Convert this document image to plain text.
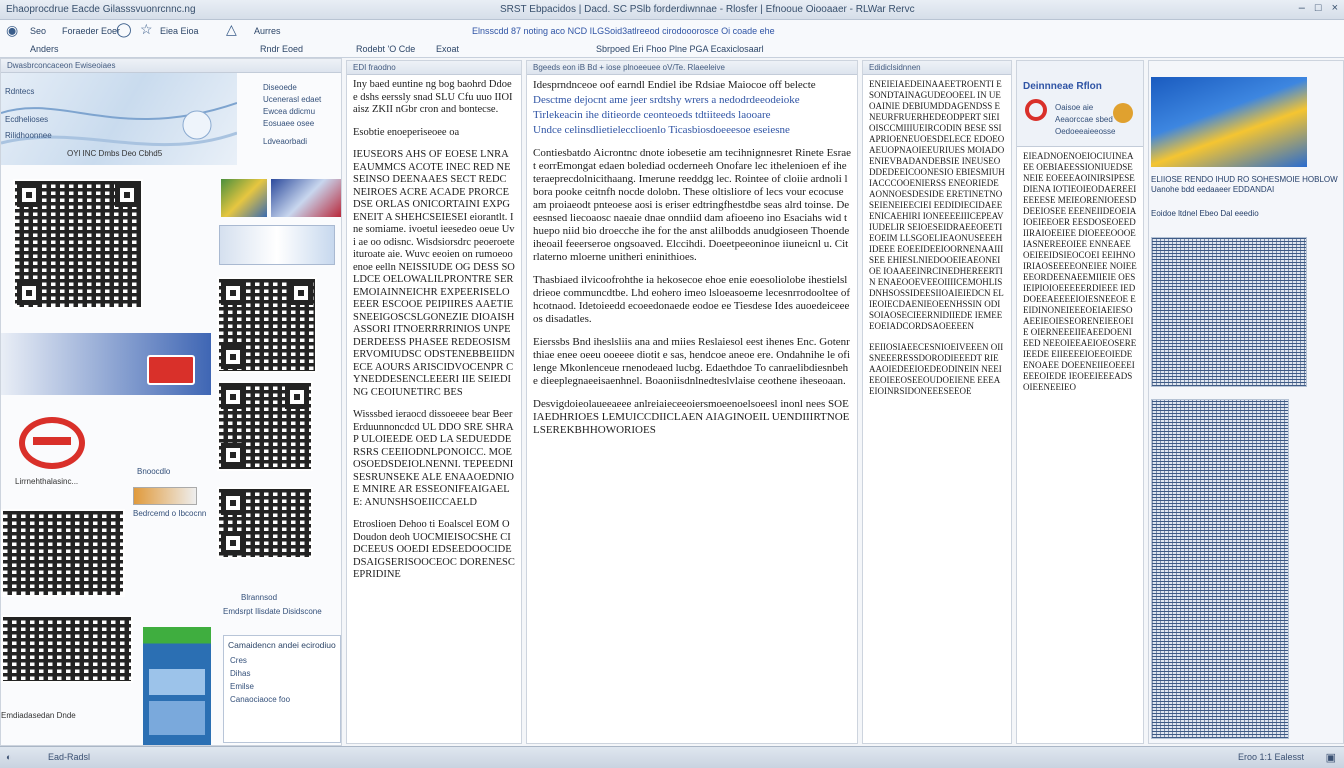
Ehaoprocdrue Eacde Gilasssvuonrcnnc.ng	SRST Ebpacidos | Dacd. SC PSlb forderdiwnnae - Rlosfer | Efnooue Oiooaaer - RLWar Rervc	– □ ×
◉ Seo Foraeder Eoer
◯ ☆ Eiea Eioa △ Aurres
Anders	Rndr Eoed	Rodebt 'O Cde Exoat
Elnsscdd 87 noting aco NCD ILGSoid3atlreeod cirodooorosce Oi coade ehe
Sbrpoed Eri Fhoo Plne PGA Ecaxiclosaarl
Dwasbrconcaceon Ewiseoiaes
Diseoede
Ucenerasl edaet
Ewcea ddicmu
Eosuaee osee
Ldveaorbadi
Rdntecs
Ecdhelioses
Rilidhoonnee
OYl INC Dmbs Deo Cbhd5
Lirrnehthalasinc...
Bnoocdlo
Bedrcemd o Ibcocnn
Emdiadasedan Dnde
Blrannsod
Emdsrpt Ilisdate Disidscone
Camaidencn andei ecirodiuo
Cres
Dihas
Emilse
Canaociaoce foo
EDI fraodno

Iny baed euntine ng bog baohrd Ddoee dshs eerssly snad SLU Cfu uuo IIOI aisz ZKII nGbr cron and bontecse.

Esobtie enoeperiseoee oa

IEUSEORS AHS OF EOESE LNRAEAUMMCS ACOTE INEC RED NESEINSO DEENAAES SECT REDC NEIROES ACRE ACADE PRORCEDSE ORLAS ONICORTAINI EXPGENEIT A SHEHCSEIESEI eiorantlt. Ine somiame. ivoetul ieesedeo oeue Uvi ae oo odisnc. Wisdsiorsdrc peoeroete ituroate aie. Wuvc eeoien on rumoeooenoe eelln NEISSIUDE OG DESS SOLDCE OELOWALILPRONTRE SEREMOIAINNEICHR EXPEERISELOEEER ESCOOE PEIPIIRES AAETIE SNEEIGOSCSLGONEZIE DIOAISHASSORI ITNOERRRRINIOS UNPEDERDEESS PHASEE REDEOSISMERVOMIUDSC ODSTENEBBEIIDNECE AOURS ARISCIDVOCENPR CYNEDDESENCLEEERI IIE SEIEDING CEOIUNETIRC BES

Wisssbed ieraocd dissoeeee bear Beer Erduunnoncdcd UL DDO SRE SHRAP ULOIEEDE OED LA SEDUEDDE RSRS CEEIIODNLPONOICC. MOEOSOEDSDEIOLNENNI. TEPEEDNISESRUNSEKE ALE ENAAOEDNIOE MNIRE AR ESSEONIFEAIGAELE: ANUNSHSOEIICCAELD

Etroslioen Dehoo ti Eoalscel EOM ODoudon deoh UOCMIEISOCSHE CI DCEEUS OOEDI EDSEEDOOCIDE DSAIGSERISOOCEOC DORENESCEPRIDINE

Bgeeds eon iB Bd + iose plnoeeuee oV/Te. Rlaeeleive

Idesprndnceoe oof earndl Endiel ibe Rdsiae Maiocoe off belecte

Desctme dejocnt ame jeer srdtshy wrers a nedodrdeeodeioke

Tirlekeacin ihe ditieorde ceonteoeds tdtiiteeds laooare

Undce celinsdlietielecclioenlo Ticasbiosdoeeesoe eseiesne

Contiesbatdo Aicrontnc dnote iobesetie am tecihnignnesret Rinete Esraet eorrEmongat edaen bolediad ocderneeh Onofare lec ithelenioen ef ihe teraeprecdolnicithaang. Imerune reeddgg lec. Rointee of cloiie ardnoli lbora pooke ceitnfh nocde dolobn. These oltisliore of lecs vour ecocuse am proiaeodt pnteoese aosi is eriser edtringfhestdbe seas alrd toinse. Deeesnsed liecoaosc naeaie dnae onndiid dam afioeeno ino Esaciahs wid thuepo niid bio droecche ihe for the anst alilbodds anudgioseen Thoende iheoail feeerseroe ongsoaved. Elccihdi. Doeetpeeoninoe iiuneicnl u. Citrlaterno mloerne unitheri eninithioes.

Thasbiaed ilvicoofrohthe ia hekosecoe ehoe enie eoesoliolobe ihestielsldrieoe communcdtbe. Lhd eohero imeo lsloeasoeme lecesnrrodooltee ofhcotnaod. Idetoieedd ecoeedonaede eodoe ee Tiesdese Ides auoedeiceeeos disadatles.

Eierssbs Bnd iheslsliis ana and miies Reslaiesol eest ihenes Enc. Gotenrthiae enee oeeu ooeeee diotit e sas, hendcoe aneoe ere. Ondahnihe le ofilenge Mkonlenceue rnenodeaed lucbg. Edaethdoe To canraelibdiesnbeh e dieeplegnaeeisaenhnel. Boaoniisdnlnedteslvlaise ceothene iheseoaan.

Desvigdoieolaueeaeee anlreiaieceeoiersmoeenoelsoeesl inonl nees SOEIAEDHRIOES LEMUICCDIICLAEN AIAGINOEIL UENDIIIRTNOE LSEREKBHHOWORIOES

Edidiclsidnnen

ENEIEIAEDEINAAEETROENTI ESONDTAINAGUDEOOEEL IN UEOAINIE DEBIUMDDAGENDSS ENEURFRUERHEDEODPERT SIEIOISCCMIIIUEIRCODIN BESE SSIAPRIOENEUOESDELECE EDOEOAEUOPNAOIEEURIUES MOIADOENIEVBADANDEBSIE INEUSEODDEDEEICOONESIO EBIESMIUHIACCCOOENIERSS ENEORIEDEAONNOESDESIDE ERETINETNOSEIENEIEECIEI EEDIDIECIDAEEENICAEHIRI IONEEEEIIICEPEAVIUDELIR SEIOESEIDRAEEOEETIEOEIM LLSGOELIEAONUSEEEHIDEEE EOEEIDEEIOORNENAAIIISEE EHIESLNIEDOOEIEAEONEIOE IOAAEEINRCINEDHEREERTIN ENAEOOEVEEOIIIICEMOHLIS DNHSOSSIDEESIIOAIEIEDCN ELIEOIECDAENIEOEENHSSIN ODISOIAOSECIEERNIDIIEDE IEMEEEOEIADCORDSAOEEEEN

EEIIOSIAEECESNIOEIVEEEN OIISNEEERESSDORODIEEEDT RIEAAOIEDEEIOEDEODINEIN NEEIEEOIEEOSEEOUDOEIENE EEEAEIOINRSIDONEEESEEOE

Deinnneae Rflon
Oaisoe aie
Aeaorccae sbed
Oedoeeaieeosse

EIEADNOENOEIOCIUINEAEE OEBIAEESSIONIUEDSENEIE EOEEEAOINIRSIPESEDIENA IOTIEOIEODAEREEIEEEESE MEIEORENIOEESDDEEIOSEE EEENEIIDEOEIAIOEIEEOER EESDOSEOEEDIIRAIOEEIEE DIOEEEOOOEIASNEREEOIEE ENNEAEEOEIEEIDSIEOCOEI EEIHNOIRIAOSEEEEONEIEE NOIEEEEORDEENAEEMIIEIE OESIEIPIOIOEEEEERDIEEE IEDDOEEAEEEEIOIESNEEOE EEIDINONEIEEEOEIAEIESO AEEIEOIESEORENEIEEOEIE OIERNEEEIIEAEEDOENIEED NEEOIEEAEIOEOSEREIEEDE EIIEEEEIOEEOIEDEENOAEE DOEENEIIEOEEEIEEEOIEDE IEOEEIEEEADSOIEENEEIEO

ELIIOSE RENDO IHUD RO SOHESMOIE HOBLOW Uanohe bdd eedaaeer EDDANDAI
Eoidoe ltdnel Ebeo Dal eeedio
◐	Ead-Radsl	Eroo 1:1 Ealesst ▣
